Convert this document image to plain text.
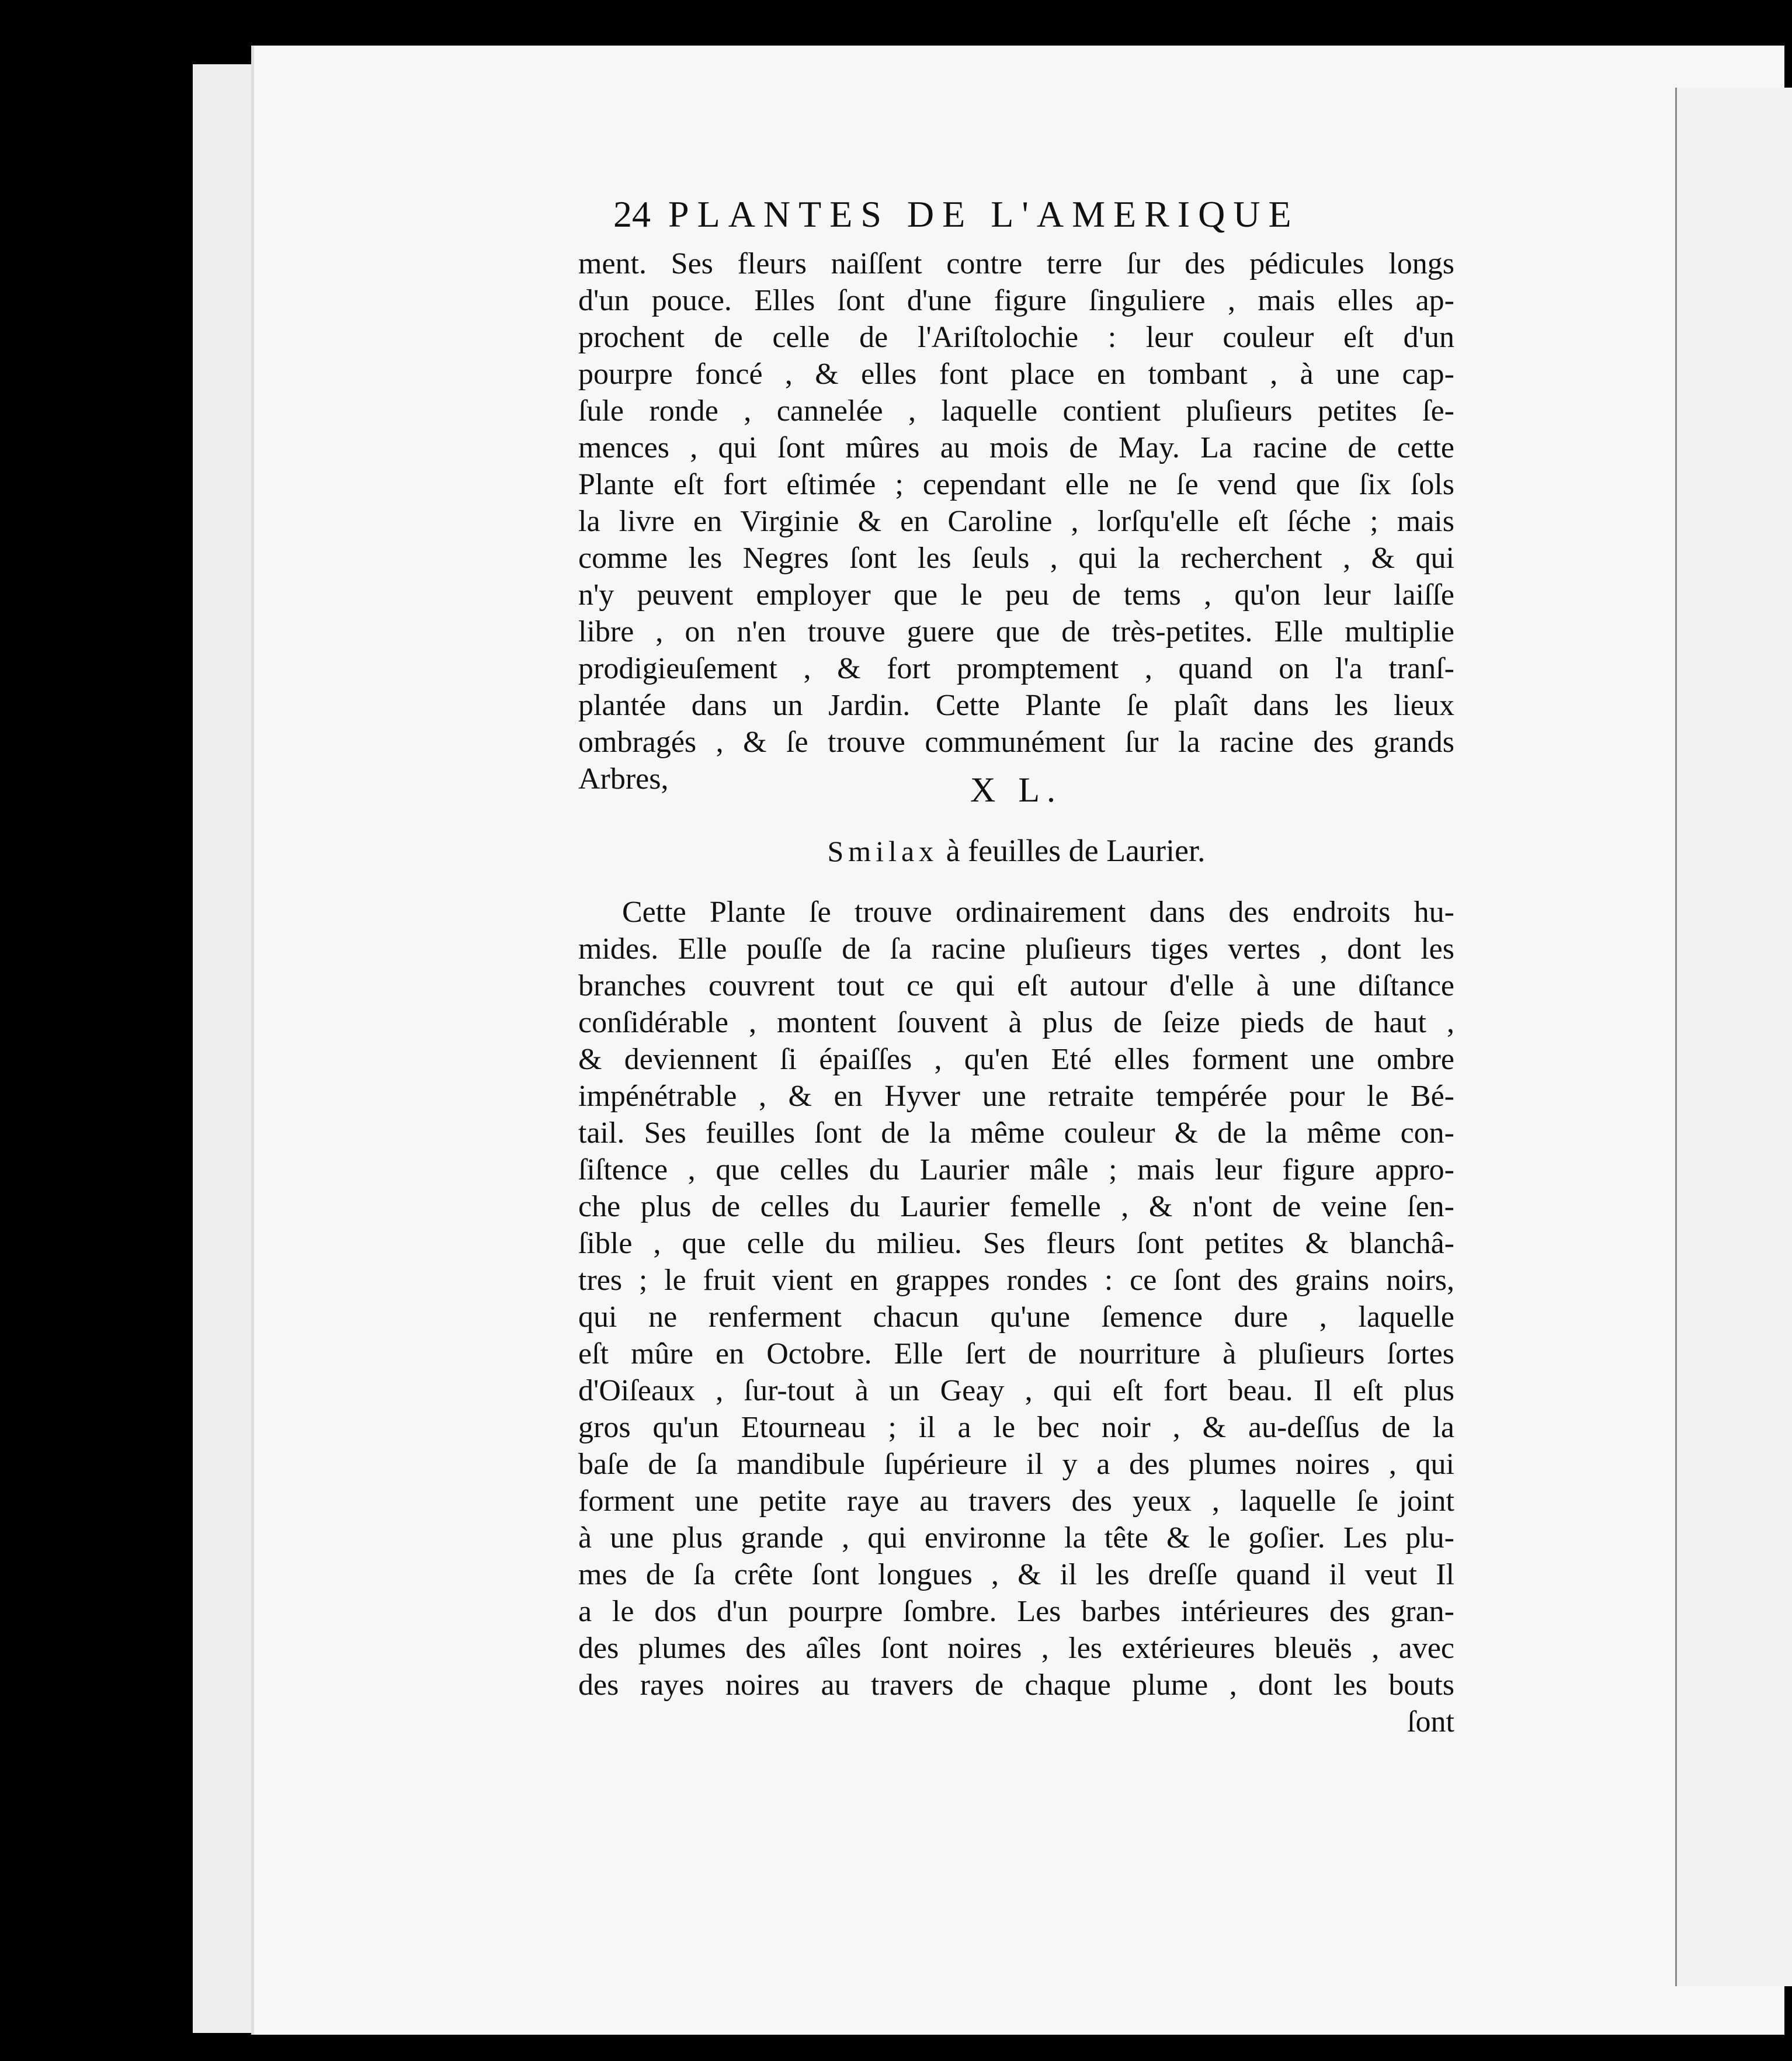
24 PLANTES DE L'AMERIQUE
ment. Ses fleurs naiſſent contre terre ſur des pédicules longs
d'un pouce. Elles ſont d'une figure ſinguliere , mais elles ap-
prochent de celle de l'Ariſtolochie : leur couleur eſt d'un
pourpre foncé , & elles font place en tombant , à une cap-
ſule ronde , cannelée , laquelle contient pluſieurs petites ſe-
mences , qui ſont mûres au mois de May. La racine de cette
Plante eſt fort eſtimée ; cependant elle ne ſe vend que ſix ſols
la livre en Virginie & en Caroline , lorſqu'elle eſt ſéche ; mais
comme les Negres ſont les ſeuls , qui la recherchent , & qui
n'y peuvent employer que le peu de tems , qu'on leur laiſſe
libre , on n'en trouve guere que de très-petites. Elle multiplie
prodigieuſement , & fort promptement , quand on l'a tranſ-
plantée dans un Jardin. Cette Plante ſe plaît dans les lieux
ombragés , & ſe trouve communément ſur la racine des grands
Arbres,	X L.
Smilax à feuilles de Laurier.
Cette Plante ſe trouve ordinairement dans des endroits hu-
mides. Elle pouſſe de ſa racine pluſieurs tiges vertes , dont les
branches couvrent tout ce qui eſt autour d'elle à une diſtance
conſidérable , montent ſouvent à plus de ſeize pieds de haut ,
& deviennent ſi épaiſſes , qu'en Eté elles forment une ombre
impénétrable , & en Hyver une retraite tempérée pour le Bé-
tail. Ses feuilles ſont de la même couleur & de la même con-
ſiſtence , que celles du Laurier mâle ; mais leur figure appro-
che plus de celles du Laurier femelle , & n'ont de veine ſen-
ſible , que celle du milieu. Ses fleurs ſont petites & blanchâ-
tres ; le fruit vient en grappes rondes : ce ſont des grains noirs,
qui ne renferment chacun qu'une ſemence dure , laquelle
eſt mûre en Octobre. Elle ſert de nourriture à pluſieurs ſortes
d'Oiſeaux , ſur-tout à un Geay , qui eſt fort beau. Il eſt plus
gros qu'un Etourneau ; il a le bec noir , & au-deſſus de la
baſe de ſa mandibule ſupérieure il y a des plumes noires , qui
forment une petite raye au travers des yeux , laquelle ſe joint
à une plus grande , qui environne la tête & le goſier. Les plu-
mes de ſa crête ſont longues , & il les dreſſe quand il veut Il
a le dos d'un pourpre ſombre. Les barbes intérieures des gran-
des plumes des aîles ſont noires , les extérieures bleuës , avec
des rayes noires au travers de chaque plume , dont les bouts
ſont
